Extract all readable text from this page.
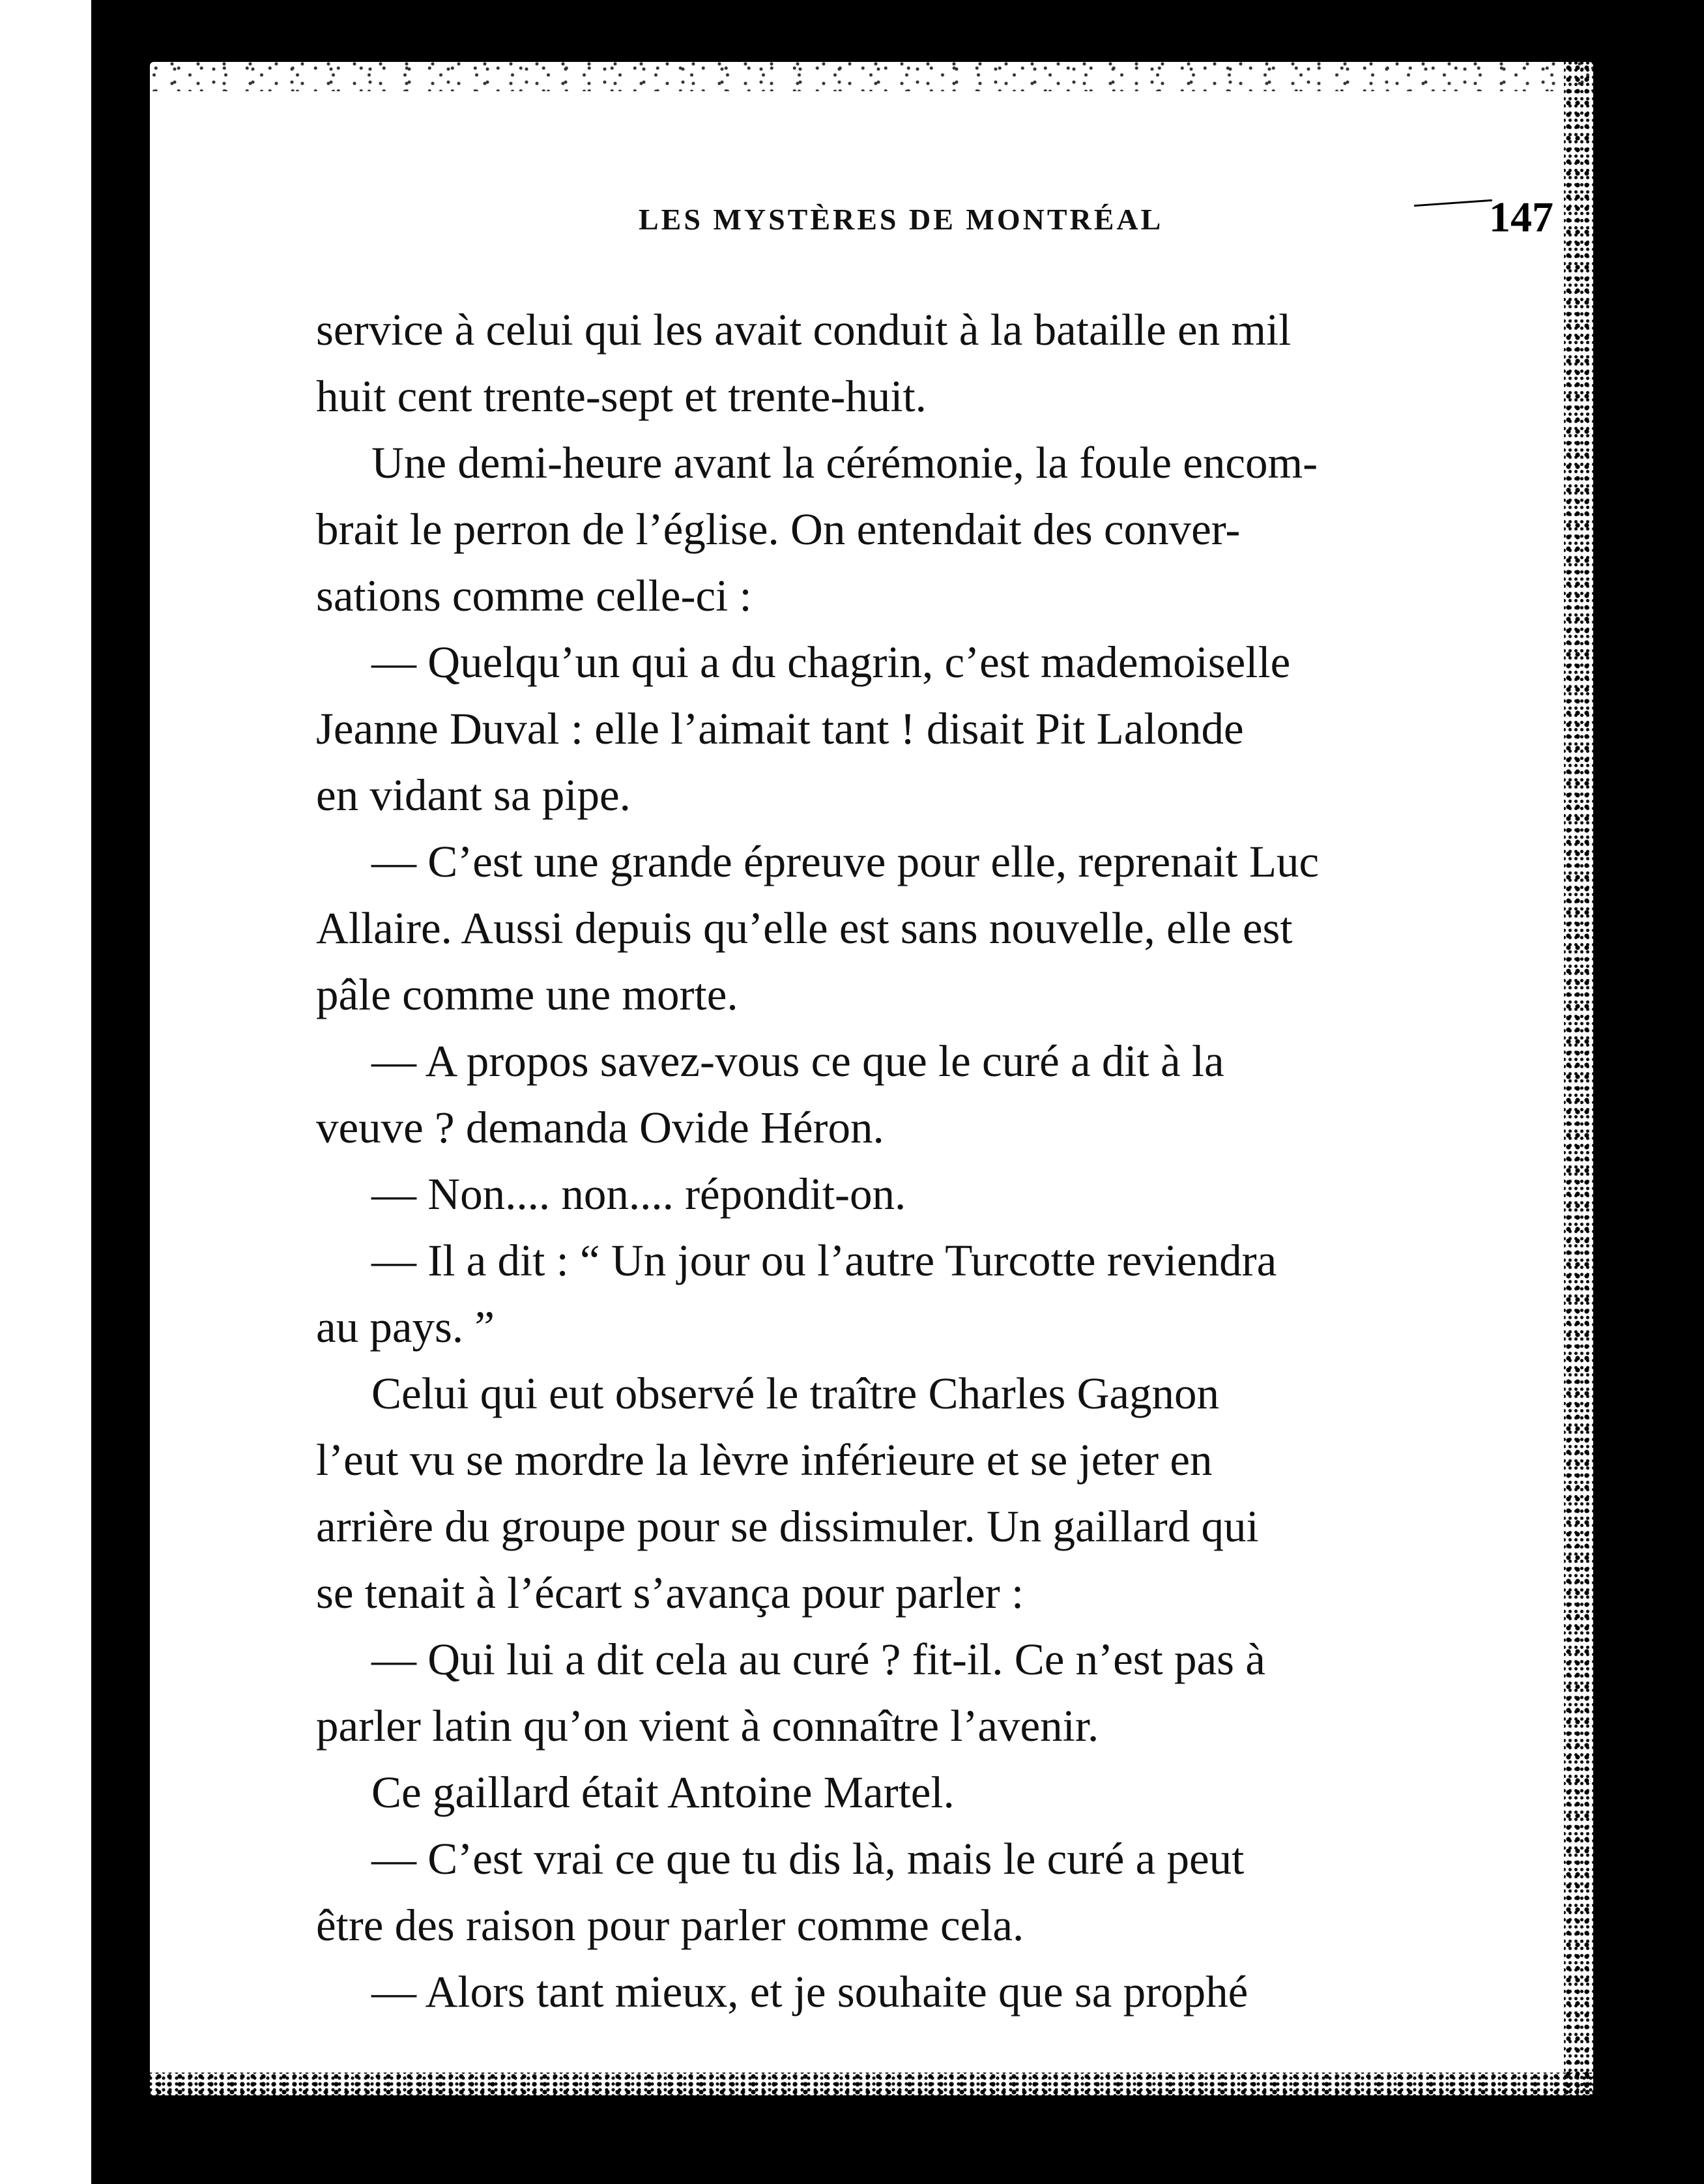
LES MYSTÈRES DE MONTRÉAL	147
service à celui qui les avait conduit à la bataille en mil
huit cent trente-sept et trente-huit.
Une demi-heure avant la cérémonie, la foule encom-
brait le perron de l’église. On entendait des conver-
sations comme celle-ci :
— Quelqu’un qui a du chagrin, c’est mademoiselle
Jeanne Duval : elle l’aimait tant ! disait Pit Lalonde
en vidant sa pipe.
— C’est une grande épreuve pour elle, reprenait Luc
Allaire. Aussi depuis qu’elle est sans nouvelle, elle est
pâle comme une morte.
— A propos savez-vous ce que le curé a dit à la
veuve ? demanda Ovide Héron.
— Non.... non.... répondit-on.
— Il a dit : “ Un jour ou l’autre Turcotte reviendra
au pays. ”
Celui qui eut observé le traître Charles Gagnon
l’eut vu se mordre la lèvre inférieure et se jeter en
arrière du groupe pour se dissimuler. Un gaillard qui
se tenait à l’écart s’avança pour parler :
— Qui lui a dit cela au curé ? fit-il. Ce n’est pas à
parler latin qu’on vient à connaître l’avenir.
Ce gaillard était Antoine Martel.
— C’est vrai ce que tu dis là, mais le curé a peut
être des raison pour parler comme cela.
— Alors tant mieux, et je souhaite que sa prophé
